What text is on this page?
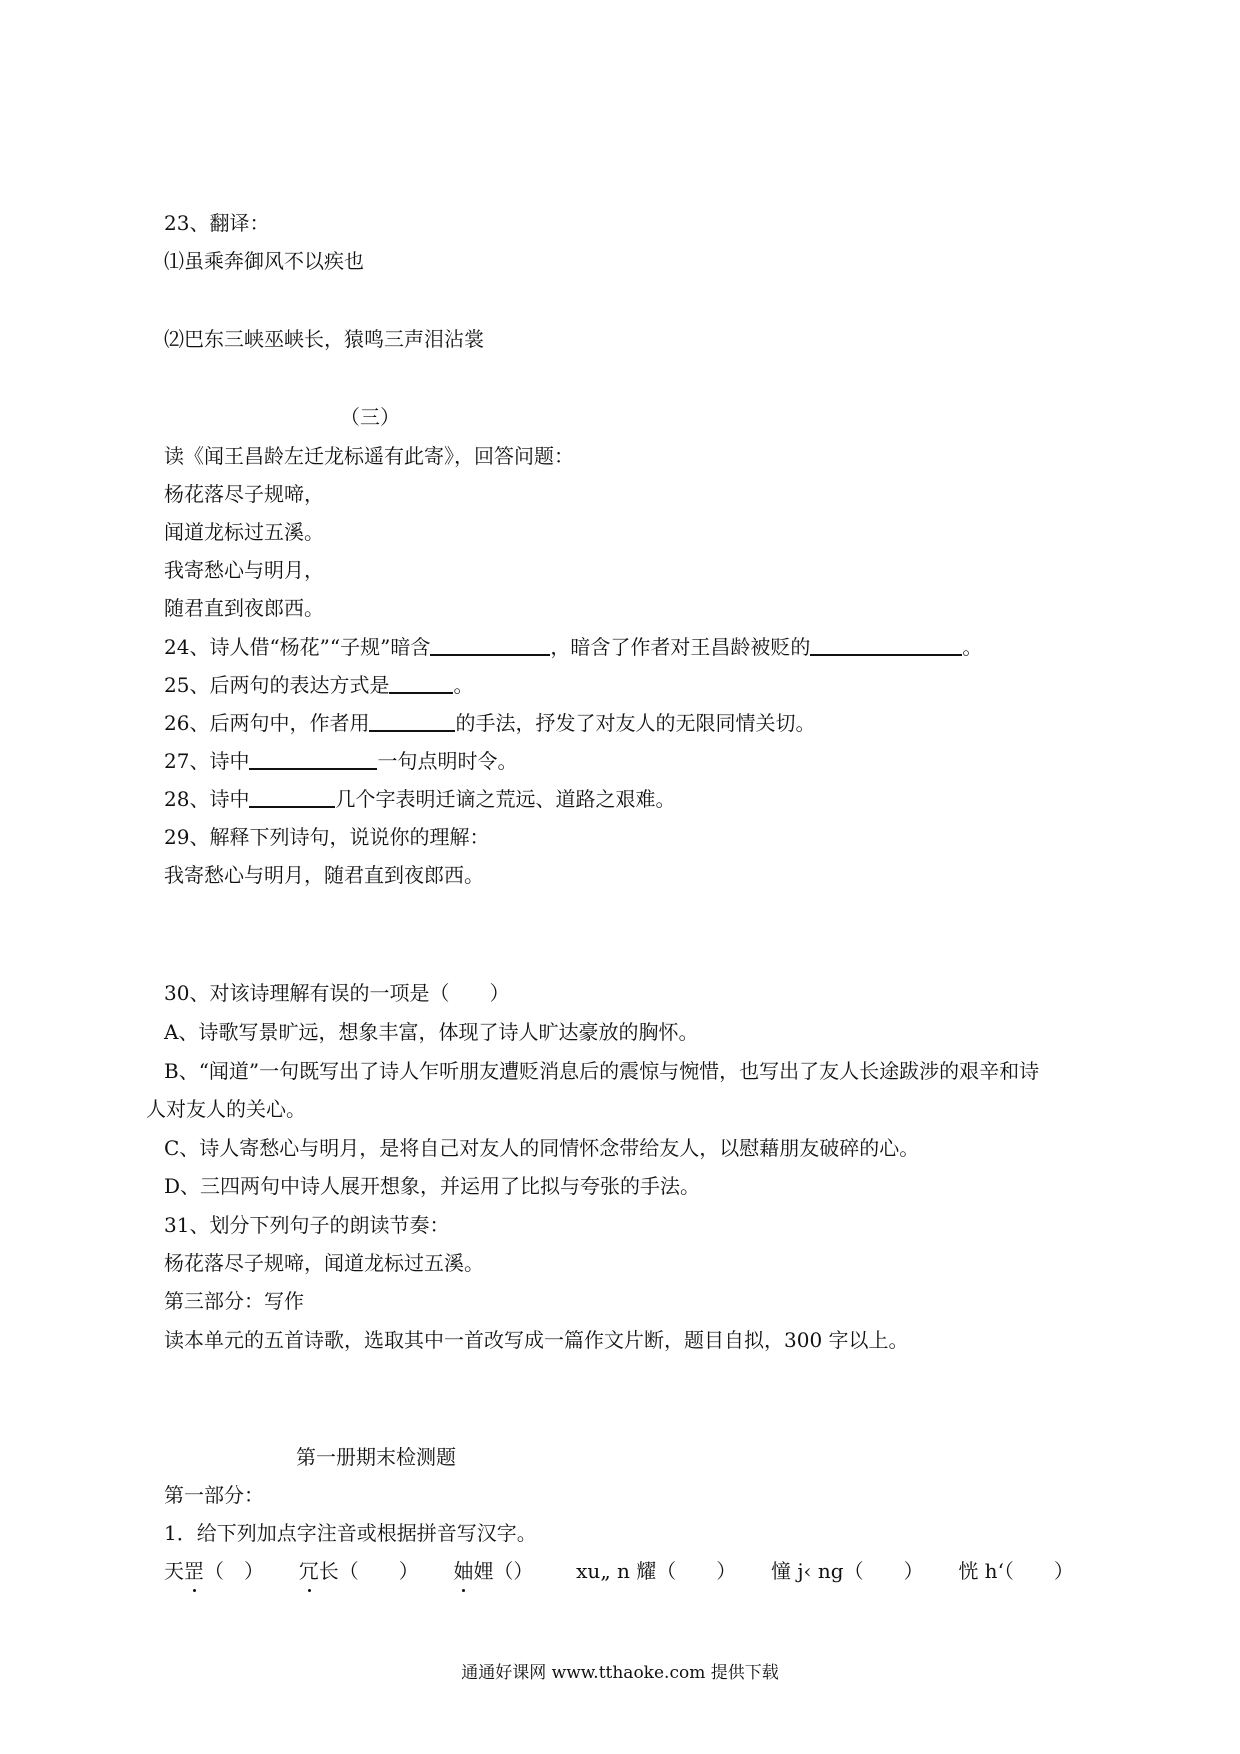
23、翻译：
⑴虽乘奔御风不以疾也
⑵巴东三峡巫峡长，猿鸣三声泪沾裳
（三）
读《闻王昌龄左迁龙标遥有此寄》，回答问题：
杨花落尽子规啼，
闻道龙标过五溪。
我寄愁心与明月，
随君直到夜郎西。
24、诗人借“杨花”“子规”暗含	，暗含了作者对王昌龄被贬的	。
25、后两句的表达方式是	。
26、后两句中，作者用	的手法，抒发了对友人的无限同情关切。
27、诗中	一句点明时令。
28、诗中	几个字表明迁谪之荒远、道路之艰难。
29、解释下列诗句，说说你的理解：
我寄愁心与明月，随君直到夜郎西。
30、对该诗理解有误的一项是（　　）
A、诗歌写景旷远，想象丰富，体现了诗人旷达豪放的胸怀。
B、“闻道”一句既写出了诗人乍听朋友遭贬消息后的震惊与惋惜，也写出了友人长途跋涉的艰辛和诗
人对友人的关心。
C、诗人寄愁心与明月，是将自己对友人的同情怀念带给友人，以慰藉朋友破碎的心。
D、三四两句中诗人展开想象，并运用了比拟与夸张的手法。
31、划分下列句子的朗读节奏：
杨花落尽子规啼，闻道龙标过五溪。
第三部分：写作
读本单元的五首诗歌，选取其中一首改写成一篇作文片断，题目自拟，300 字以上。
第一册期末检测题
第一部分：
1．给下列加点字注音或根据拼音写汉字。
天罡（　） 冗长（　　） 妯娌（） xu„ n 耀（　　） 憧 j‹ ng（　　） 恍 h‘（　　）
通通好课网 www.tthaoke.com 提供下载
